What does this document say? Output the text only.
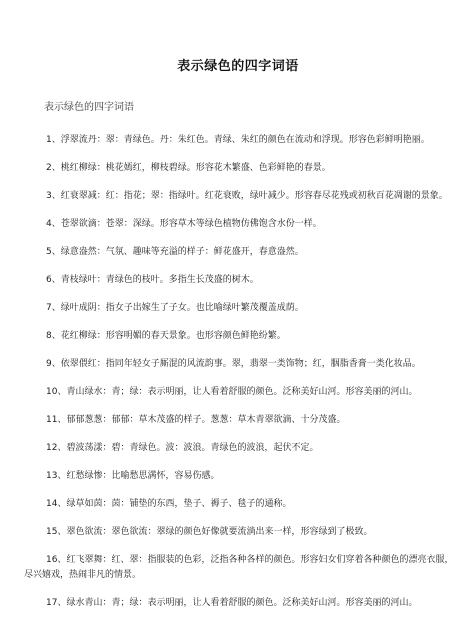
表示绿色的四字词语
表示绿色的四字词语

1、浮翠流丹：翠：青绿色。丹：朱红色。青绿、朱红的颜色在流动和浮现。形容色彩鲜明艳丽。

2、桃红柳绿：桃花嫣红，柳枝碧绿。形容花木繁盛、色彩鲜艳的春景。

3、红衰翠减：红：指花；翠：指绿叶。红花衰败，绿叶减少。形容春尽花残或初秋百花凋谢的景象。

4、苍翠欲滴：苍翠：深绿。形容草木等绿色植物仿佛饱含水份一样。

5、绿意盎然：气氛、趣味等充溢的样子：鲜花盛开，春意盎然。

6、青枝绿叶：青绿色的枝叶。多指生长茂盛的树木。

7、绿叶成阴：指女子出嫁生了子女。也比喻绿叶繁茂覆盖成荫。

8、花红柳绿：形容明媚的春天景象。也形容颜色鲜艳纷繁。

9、依翠偎红：指同年轻女子厮混的风流韵事。翠，翡翠一类饰物；红，胭脂香膏一类化妆品。

10、青山绿水：青；绿：表示明丽，让人看着舒服的颜色。泛称美好山河。形容美丽的河山。

11、郁郁葱葱：郁郁：草木茂盛的样子。葱葱：草木青翠欲滴、十分茂盛。

12、碧波荡漾：碧：青绿色。波：波浪。青绿色的波浪，起伏不定。

13、红愁绿惨：比喻愁思满怀，容易伤感。

14、绿草如茵：茵：铺垫的东西，垫子、褥子、毯子的通称。

15、翠色欲流：翠色欲流：翠绿的颜色好像就要流淌出来一样，形容绿到了极致。

16、红飞翠舞：红、翠：指服装的色彩，泛指各种各样的颜色。形容妇女们穿着各种颜色的漂亮衣服，尽兴嬉戏，热闹非凡的情景。

17、绿水青山：青；绿：表示明丽，让人看着舒服的颜色。泛称美好山河。形容美丽的河山。
